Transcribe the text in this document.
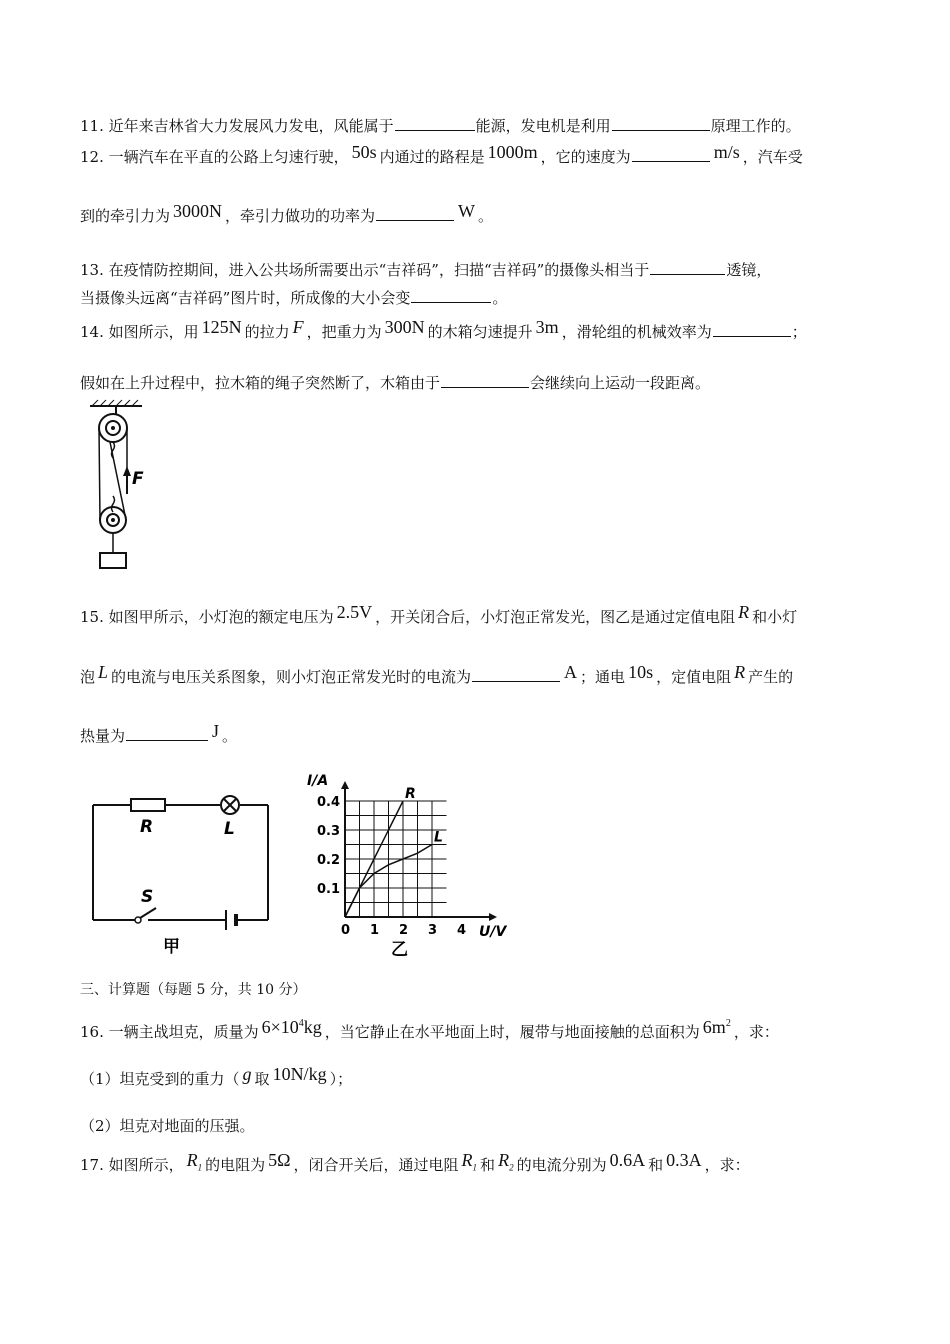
11. 近年来吉林省大力发展风力发电，风能属于	能源，发电机是利用	原理工作的。
12. 一辆汽车在平直的公路上匀速行驶， 50s 内通过的路程是 1000m ，它的速度为	m/s ，汽车受
到的牵引力为 3000N ，牵引力做功的功率为	W 。
13. 在疫情防控期间，进入公共场所需要出示“吉祥码”，扫描“吉祥码”的摄像头相当于	透镜，
当摄像头远离“吉祥码”图片时，所成像的大小会变	。
14. 如图所示，用 125N 的拉力 F ，把重力为 300N 的木箱匀速提升 3m ，滑轮组的机械效率为	；
假如在上升过程中，拉木箱的绳子突然断了，木箱由于	会继续向上运动一段距离。
F
15. 如图甲所示，小灯泡的额定电压为 2.5V ，开关闭合后，小灯泡正常发光，图乙是通过定值电阻 R 和小灯
泡 L 的电流与电压关系图象，则小灯泡正常发光时的电流为	A ；通电 10s ，定值电阻 R 产生的
热量为	J 。
R	L
S
甲
0 1 2 3 4
0.1
0.2
0.3
0.4
R
L
I/A
U/V
乙
三、计算题（每题 5 分，共 10 分）
16. 一辆主战坦克，质量为 $6\times 10^4kg$ ，当它静止在水平地面上时，履带与地面接触的总面积为 $6m^2$ ，求：
（1）坦克受到的重力（ g 取 10N/kg ）；
（2）坦克对地面的压强。
17. 如图所示， $R_1$ 的电阻为 5Ω ，闭合开关后，通过电阻 $R_1$ 和 $R_2$ 的电流分别为 0.6A 和 0.3A ，求：
